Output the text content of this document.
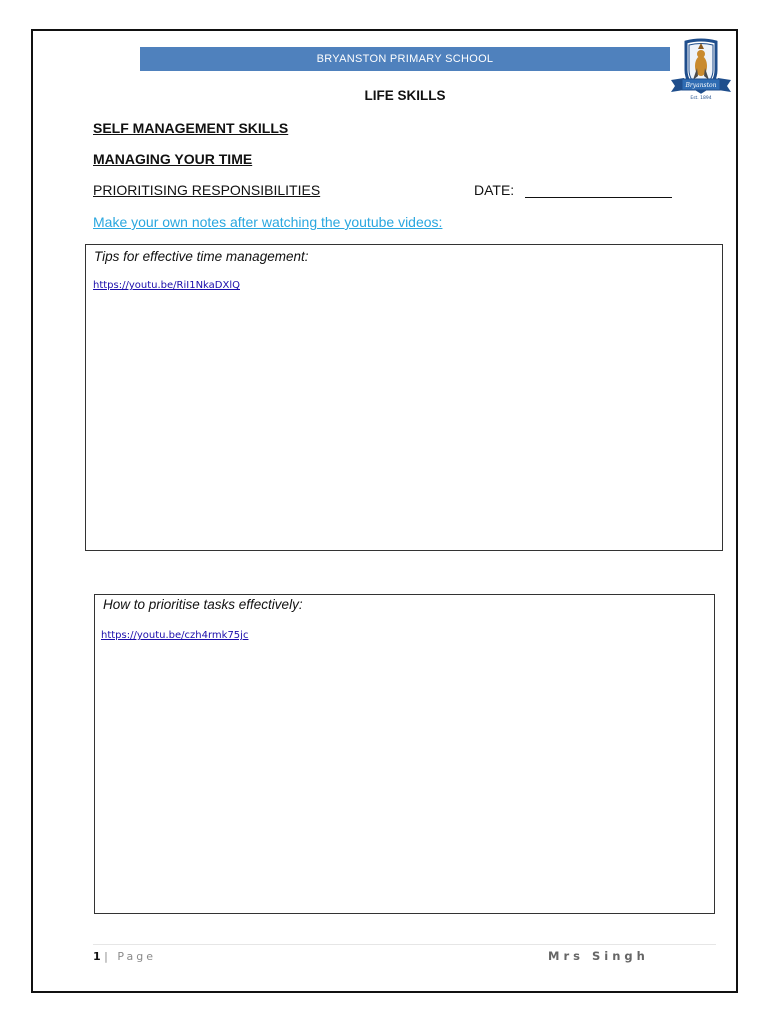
BRYANSTON PRIMARY SCHOOL
Bryanston
Est. 1894
LIFE SKILLS
SELF MANAGEMENT SKILLS
MANAGING YOUR TIME
PRIORITISING RESPONSIBILITIES	DATE:
Make your own notes after watching the youtube videos:
Tips for effective time management:
https://youtu.be/RiI1NkaDXlQ
How to prioritise tasks effectively:
https://youtu.be/czh4rmk75jc
1 | Page	Mrs Singh
